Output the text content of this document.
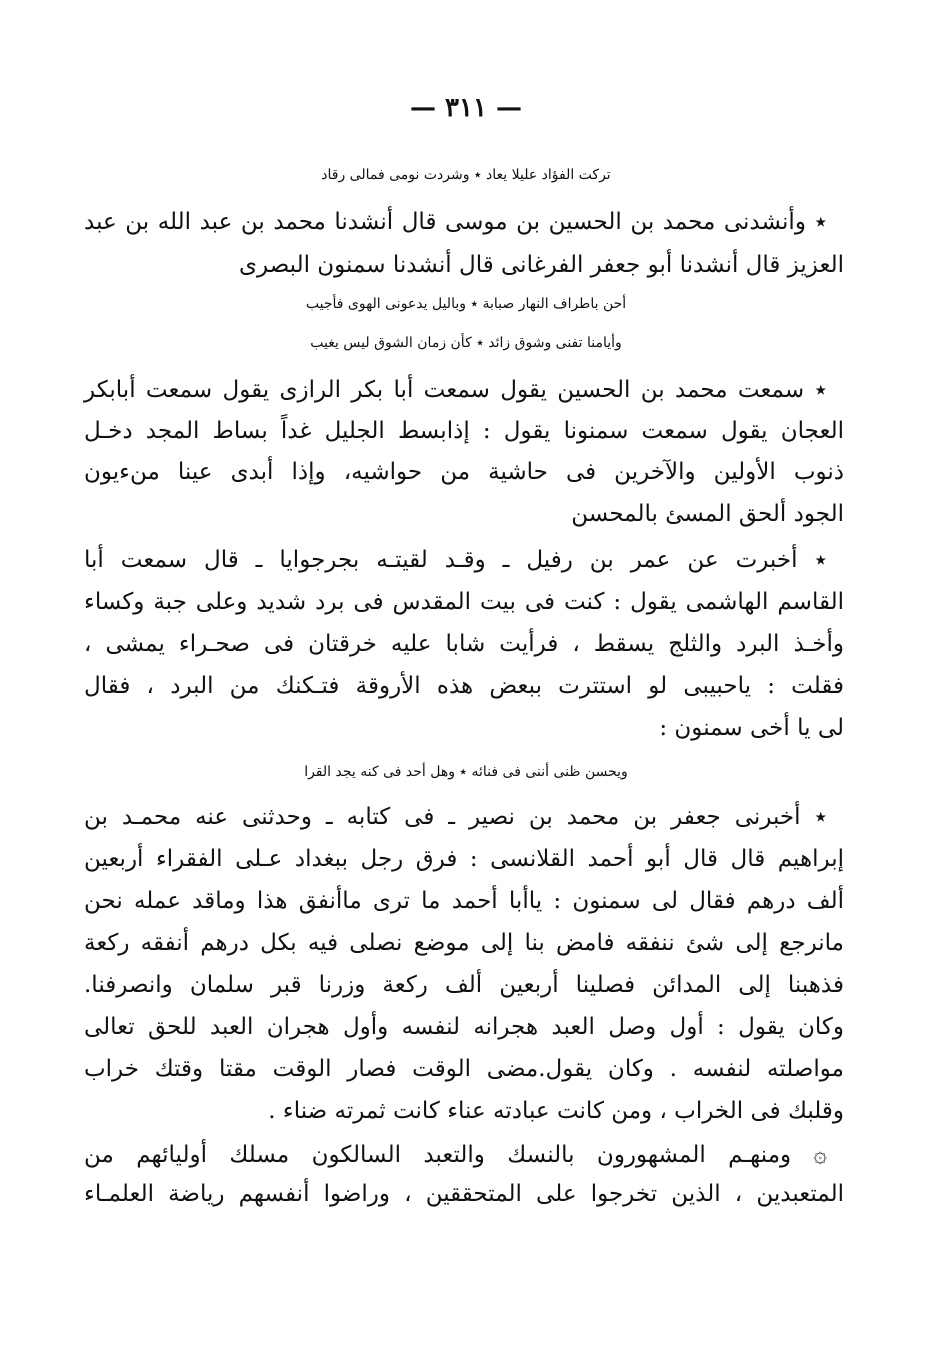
— ٣١١ —
تركت الفؤاد عليلا يعاد ٭ وشردت نومى فمالى رقاد
٭ وأنشدنى محمد بن الحسين بن موسى قال أنشدنا محمد بن عبد الله بن عبد
العزيز قال أنشدنا أبو جعفر الفرغانى قال أنشدنا سمنون البصرى
أحن باطراف النهار صبابة ٭ وباليل يدعونى الهوى فأجيب
وأيامنا تفنى وشوق زائد ٭ كأن زمان الشوق ليس يغيب
٭ سمعت محمد بن الحسين يقول سمعت أبا بكر الرازى يقول سمعت أبابكر
العجان يقول سمعت سمنونا يقول : إذابسط الجليل غداً بساط المجد دخـل
ذنوب الأولين والآخرين فى حاشية من حواشيه، وإذا أبدى عينا منءيون
الجود ألحق المسئ بالمحسن
٭ أخبرت عن عمر بن رفيل ـ وقـد لقيتـه بجرجوايا ـ قال سمعت أبا
القاسم الهاشمى يقول : كنت فى بيت المقدس فى برد شديد وعلى جبة وكساء
وأخـذ البرد والثلج يسقط ، فرأيت شابا عليه خرقتان فى صحـراء يمشى ،
فقلت : ياحبيبى لو استترت ببعض هذه الأروقة فتـكنك من البرد ، فقال
لى يا أخى سمنون :
ويحسن ظنى أننى فى فنائه ٭ وهل أحد فى كنه يجد القرا
٭ أخبرنى جعفر بن محمد بن نصير ـ فى كتابه ـ وحدثنى عنه محمـد بن
إبراهيم قال قال أبو أحمد القلانسى : فرق رجل ببغداد عـلى الفقراء أربعين
ألف درهم فقال لى سمنون : ياأبا أحمد ما ترى ماأنفق هذا وماقد عمله نحن
مانرجع إلى شئ ننفقه فامض بنا إلى موضع نصلى فيه بكل درهم أنفقه ركعة
فذهبنا إلى المدائن فصلينا أربعين ألف ركعة وزرنا قبر سلمان وانصرفنا.
وكان يقول : أول وصل العبد هجرانه لنفسه وأول هجران العبد للحق تعالى
مواصلته لنفسه . وكان يقول.مضى الوقت فصار الوقت مقتا وقتك خراب
وقلبك فى الخراب ، ومن كانت عبادته عناء كانت ثمرته ضناء .
۞ ومنهـم المشهورون بالنسك والتعبد السالكون مسلك أوليائهم من
المتعبدين ، الذين تخرجوا على المتحققين ، وراضوا أنفسهم رياضة العلمـاء
